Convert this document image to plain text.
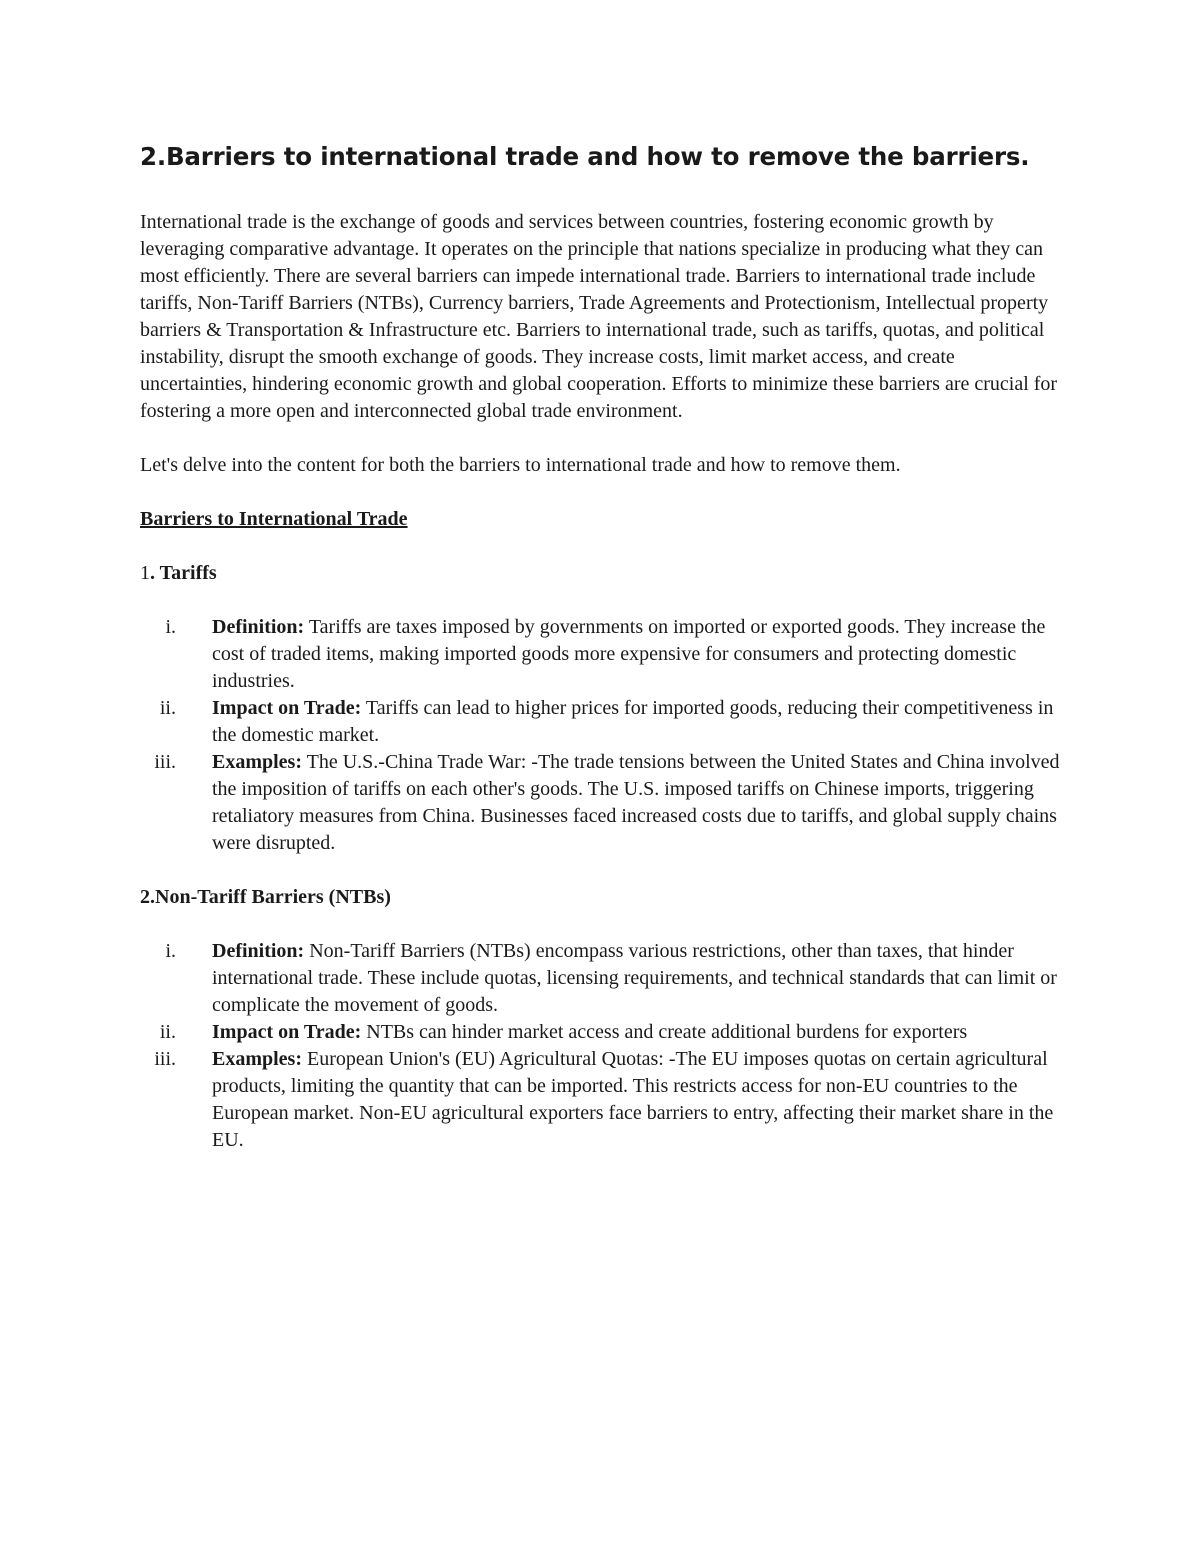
2.Barriers to international trade and how to remove the barriers.

International trade is the exchange of goods and services between countries, fostering economic growth by leveraging comparative advantage. It operates on the principle that nations specialize in producing what they can most efficiently. There are several barriers can impede international trade. Barriers to international trade include tariffs, Non-Tariff Barriers (NTBs), Currency barriers, Trade Agreements and Protectionism, Intellectual property barriers & Transportation & Infrastructure etc. Barriers to international trade, such as tariffs, quotas, and political instability, disrupt the smooth exchange of goods. They increase costs, limit market access, and create uncertainties, hindering economic growth and global cooperation. Efforts to minimize these barriers are crucial for fostering a more open and interconnected global trade environment.

Let's delve into the content for both the barriers to international trade and how to remove them.

Barriers to International Trade

1. Tariffs

i. Definition: Tariffs are taxes imposed by governments on imported or exported goods. They increase the cost of traded items, making imported goods more expensive for consumers and protecting domestic industries.
ii. Impact on Trade: Tariffs can lead to higher prices for imported goods, reducing their competitiveness in the domestic market.
iii. Examples: The U.S.-China Trade War: -The trade tensions between the United States and China involved the imposition of tariffs on each other's goods. The U.S. imposed tariffs on Chinese imports, triggering retaliatory measures from China. Businesses faced increased costs due to tariffs, and global supply chains were disrupted.

2.Non-Tariff Barriers (NTBs)

i. Definition: Non-Tariff Barriers (NTBs) encompass various restrictions, other than taxes, that hinder international trade. These include quotas, licensing requirements, and technical standards that can limit or complicate the movement of goods.
ii. Impact on Trade: NTBs can hinder market access and create additional burdens for exporters
iii. Examples: European Union's (EU) Agricultural Quotas: -The EU imposes quotas on certain agricultural products, limiting the quantity that can be imported. This restricts access for non-EU countries to the European market. Non-EU agricultural exporters face barriers to entry, affecting their market share in the EU.
